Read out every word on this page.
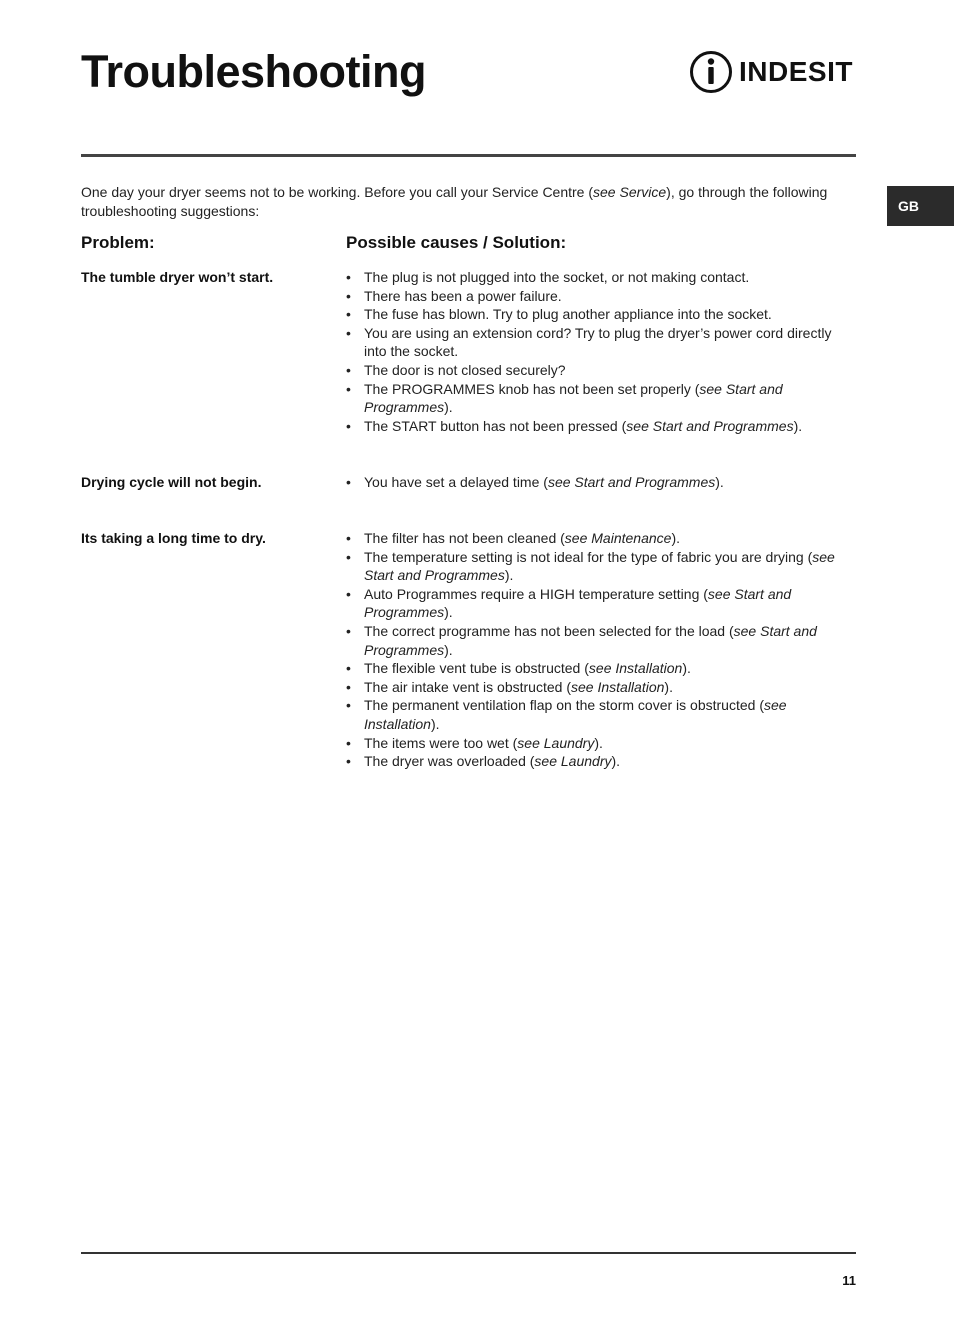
Troubleshooting	INDESIT
GB

One day your dryer seems not to be working. Before you call your Service Centre (see Service), go through the following troubleshooting suggestions:

Problem:	Possible causes / Solution:
The tumble dryer won’t start.	• The plug is not plugged into the socket, or not making contact.
• There has been a power failure.
• The fuse has blown. Try to plug another appliance into the socket.
• You are using an extension cord? Try to plug the dryer’s power cord directly into the socket.
• The door is not closed securely?
• The PROGRAMMES knob has not been set properly (see Start and Programmes).
• The START button has not been pressed (see Start and Programmes).
Drying cycle will not begin.	• You have set a delayed time (see Start and Programmes).
Its taking a long time to dry.	• The filter has not been cleaned (see Maintenance).
• The temperature setting is not ideal for the type of fabric you are drying (see Start and Programmes).
• Auto Programmes require a HIGH temperature setting (see Start and Programmes).
• The correct programme has not been selected for the load (see Start and Programmes).
• The flexible vent tube is obstructed (see Installation).
• The air intake vent is obstructed (see Installation).
• The permanent ventilation flap on the storm cover is obstructed (see Installation).
• The items were too wet (see Laundry).
• The dryer was overloaded (see Laundry).
11
